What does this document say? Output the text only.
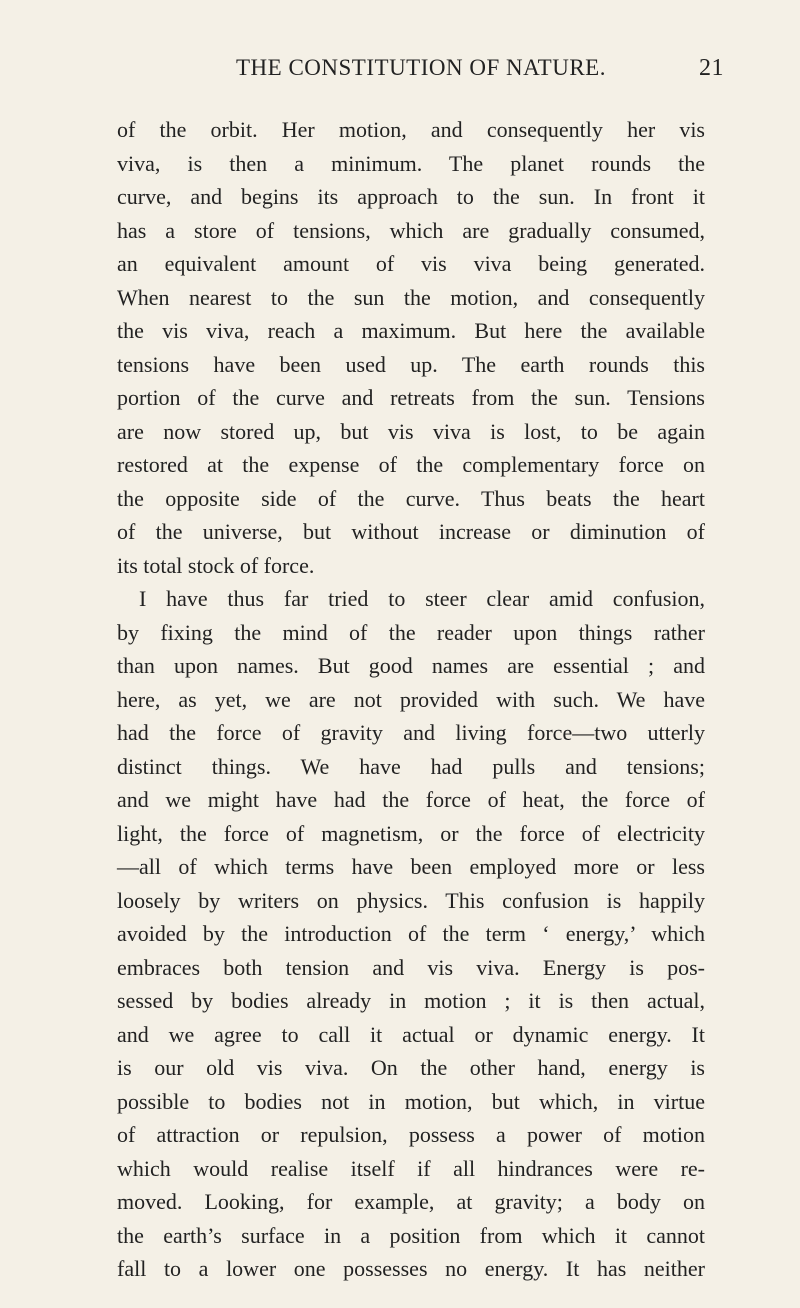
THE CONSTITUTION OF NATURE.	21
of the orbit. Her motion, and consequently her vis
viva, is then a minimum. The planet rounds the
curve, and begins its approach to the sun. In front it
has a store of tensions, which are gradually consumed,
an equivalent amount of vis viva being generated.
When nearest to the sun the motion, and consequently
the vis viva, reach a maximum. But here the available
tensions have been used up. The earth rounds this
portion of the curve and retreats from the sun. Tensions
are now stored up, but vis viva is lost, to be again
restored at the expense of the complementary force on
the opposite side of the curve. Thus beats the heart
of the universe, but without increase or diminution of
its total stock of force.
I have thus far tried to steer clear amid confusion,
by fixing the mind of the reader upon things rather
than upon names. But good names are essential ; and
here, as yet, we are not provided with such. We have
had the force of gravity and living force—two utterly
distinct things. We have had pulls and tensions;
and we might have had the force of heat, the force of
light, the force of magnetism, or the force of electricity
—all of which terms have been employed more or less
loosely by writers on physics. This confusion is happily
avoided by the introduction of the term ‘ energy,’ which
embraces both tension and vis viva. Energy is pos-
sessed by bodies already in motion ; it is then actual,
and we agree to call it actual or dynamic energy. It
is our old vis viva. On the other hand, energy is
possible to bodies not in motion, but which, in virtue
of attraction or repulsion, possess a power of motion
which would realise itself if all hindrances were re-
moved. Looking, for example, at gravity; a body on
the earth’s surface in a position from which it cannot
fall to a lower one possesses no energy. It has neither
